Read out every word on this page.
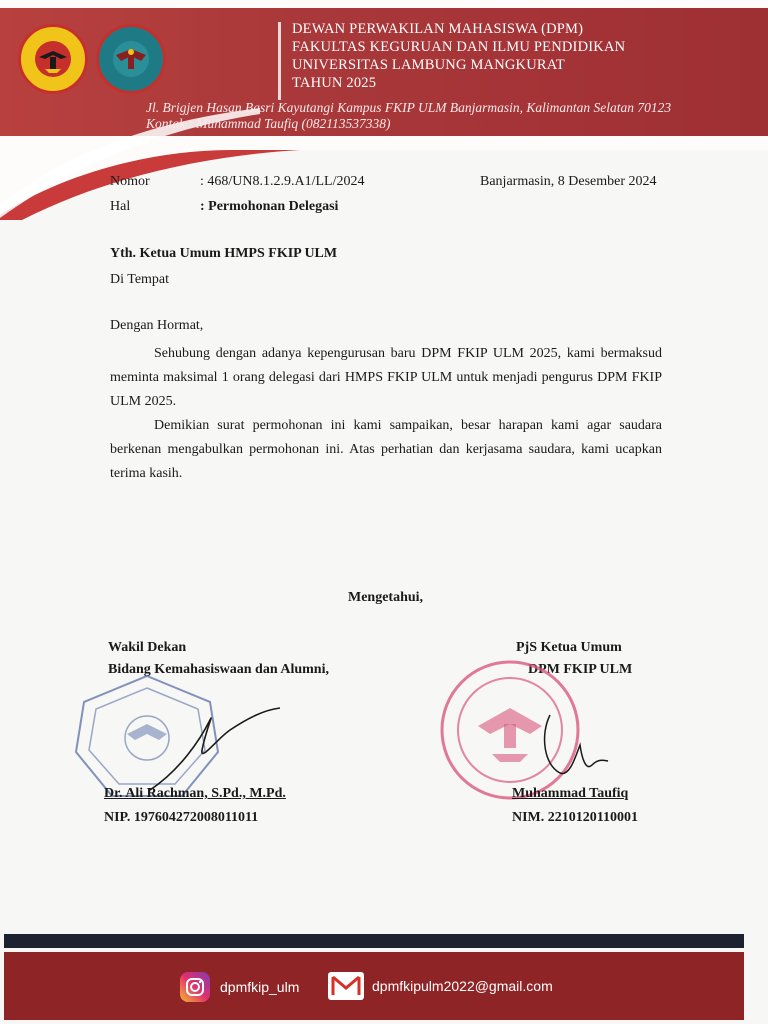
DEWAN PERWAKILAN MAHASISWA (DPM)
FAKULTAS KEGURUAN DAN ILMU PENDIDIKAN
UNIVERSITAS LAMBUNG MANGKURAT
TAHUN 2025
Jl. Brigjen Hasan Basri Kayutangi Kampus FKIP ULM Banjarmasin, Kalimantan Selatan 70123
Kontak : Muhammad Taufiq (082113537338)
Nomor	: 468/UN8.1.2.9.A1/LL/2024	Banjarmasin, 8 Desember 2024
Hal	: Permohonan Delegasi
Yth. Ketua Umum HMPS FKIP ULM
Di Tempat
Dengan Hormat,

Sehubung dengan adanya kepengurusan baru DPM FKIP ULM 2025, kami bermaksud meminta maksimal 1 orang delegasi dari HMPS FKIP ULM untuk menjadi pengurus DPM FKIP ULM 2025.

Demikian surat permohonan ini kami sampaikan, besar harapan kami agar saudara berkenan mengabulkan permohonan ini. Atas perhatian dan kerjasama saudara, kami ucapkan terima kasih.

Mengetahui,
Wakil Dekan
Bidang Kemahasiswaan dan Alumni,
PjS Ketua Umum
DPM FKIP ULM
Dr. Ali Rachman, S.Pd., M.Pd.
NIP. 197604272008011011
Muhammad Taufiq
NIM. 2210120110001
dpmfkip_ulm	dpmfkipulm2022@gmail.com
